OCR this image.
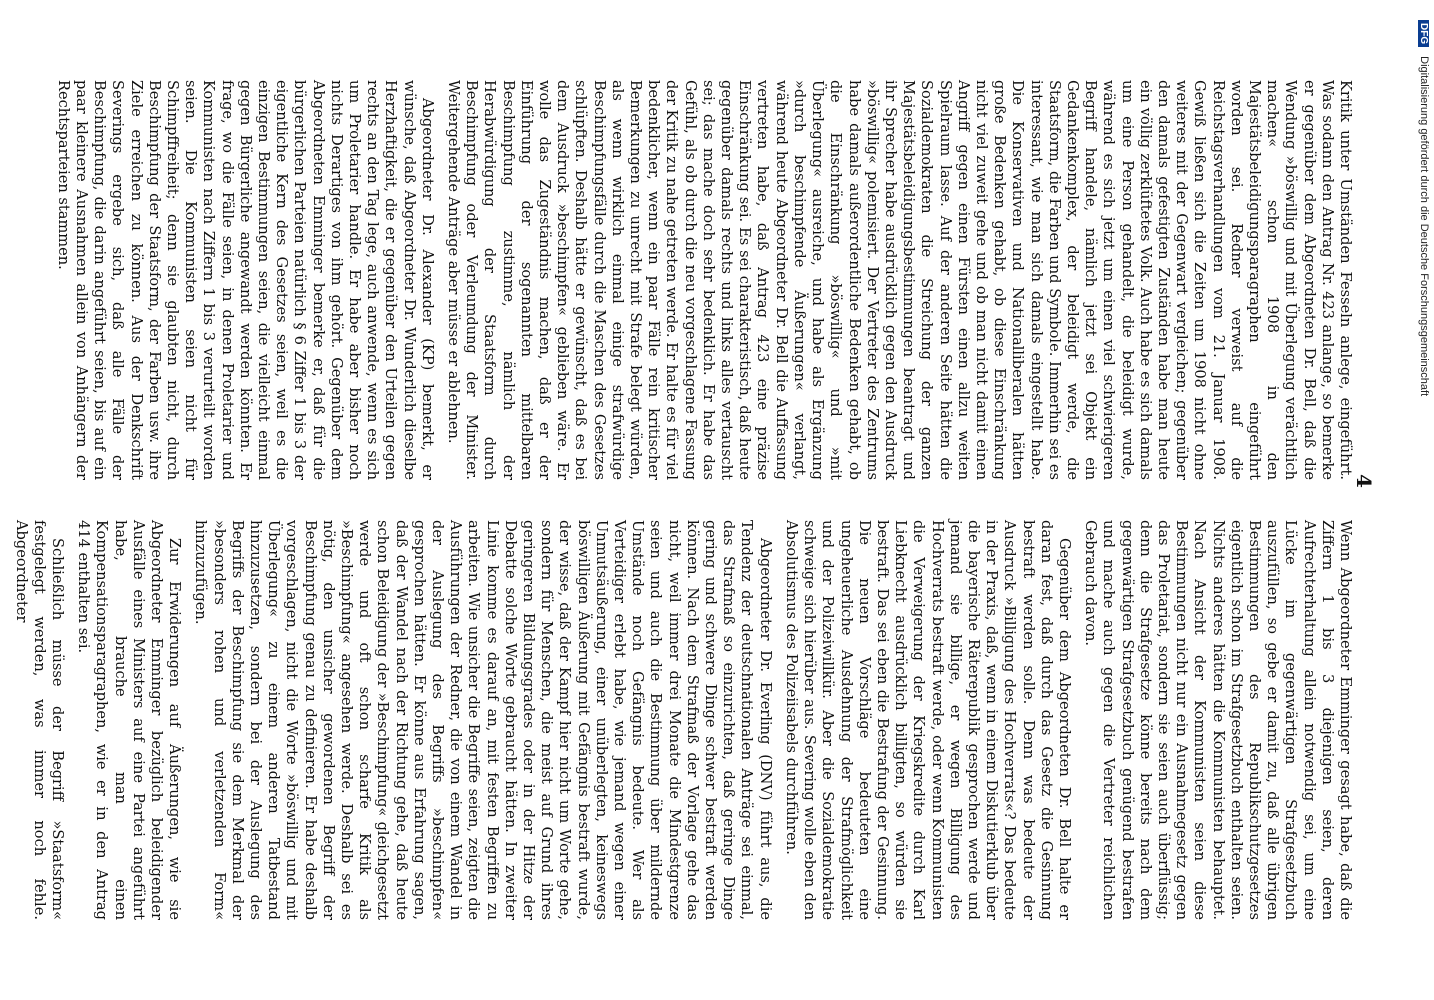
4

Kritik unter Umständen Fesseln anlege, eingeführt. Was sodann den Antrag Nr. 423 anlange, so bemerke er gegenüber dem Abgeordneten Dr. Bell, daß die Wendung »böswillig und mit Überlegung verächtlich machen« schon 1908 in den Majestätsbeleidigungsparagraphen eingeführt worden sei. Redner verweist auf die Reichstagsverhandlungen vom 21. Januar 1908. Gewiß ließen sich die Zeiten um 1908 nicht ohne weiteres mit der Gegenwart vergleichen; gegenüber den damals gefestigten Zuständen habe man heute ein völlig zerklüftetes Volk. Auch habe es sich damals um eine Person gehandelt, die beleidigt wurde, während es sich jetzt um einen viel schwierigeren Begriff handele, nämlich jetzt sei Objekt ein Gedankenkomplex, der beleidigt werde, die Staatsform, die Farben und Symbole. Immerhin sei es interessant, wie man sich damals eingestellt habe. Die Konservativen und Nationalliberalen hätten große Bedenken gehabt, ob diese Einschränkung nicht viel zuweit gehe und ob man nicht damit einen Angriff gegen einen Fürsten einen allzu weiten Spielraum lasse. Auf der anderen Seite hätten die Sozialdemokraten die Streichung der ganzen Majestätsbeleidigungsbestimmungen beantragt und ihr Sprecher habe ausdrücklich gegen den Ausdruck »böswillig« polemisiert. Der Vertreter des Zentrums habe damals außerordentliche Bedenken gehabt, ob die Einschränkung »böswillig« und »mit Überlegung« ausreiche, und habe als Ergänzung »durch beschimpfende Äußerungen« verlangt, während heute Abgeordneter Dr. Bell die Auffassung vertreten habe, daß Antrag 423 eine präzise Einschränkung sei. Es sei charakteristisch, daß heute gegenüber damals rechts und links alles vertauscht sei; das mache doch sehr bedenklich. Er habe das Gefühl, als ob durch die neu vorgeschlagene Fassung der Kritik zu nahe getreten werde. Er halte es für viel bedenklicher, wenn ein paar Fälle rein kritischer Bemerkungen zu unrecht mit Strafe belegt würden, als wenn wirklich einmal einige strafwürdige Beschimpfungsfälle durch die Maschen des Gesetzes schlüpften. Deshalb hätte er gewünscht, daß es bei dem Ausdruck »beschimpfen« geblieben wäre. Er wolle das Zugeständnis machen, daß er der Einführung der sogenannten mittelbaren Beschimpfung zustimme, nämlich der Herabwürdigung der Staatsform durch Beschimpfung oder Verleumdung der Minister. Weitergehende Anträge aber müsse er ablehnen.

Abgeordneter Dr. Alexander (KP) bemerkt, er wünsche, daß Abgeordneter Dr. Wunderlich dieselbe Herzhaftigkeit, die er gegenüber den Urteilen gegen rechts an den Tag lege, auch anwende, wenn es sich um Proletarier handle. Er habe aber bisher noch nichts Derartiges von ihm gehört. Gegenüber dem Abgeordneten Emminger bemerke er, daß für die bürgerlichen Parteien natürlich § 6 Ziffer 1 bis 3 der eigentliche Kern des Gesetzes seien, weil es die einzigen Bestimmungen seien, die vielleicht einmal gegen Bürgerliche angewandt werden könnten. Er frage, wo die Fälle seien, in denen Proletarier und Kommunisten nach Ziffern 1 bis 3 verurteilt worden seien. Die Kommunisten seien nicht für Schimpffreiheit; denn sie glaubten nicht, durch Beschimpfung der Staatsform, der Farben usw. ihre Ziele erreichen zu können. Aus der Denkschrift Severings ergebe sich, daß alle Fälle der Beschimpfung, die darin angeführt seien, bis auf ein paar kleinere Ausnahmen allein von Anhängern der Rechtsparteien stammen.

Wenn Abgeordneter Emminger gesagt habe, daß die Ziffern 1 bis 3 diejenigen seien, deren Aufrechterhaltung allein notwendig sei, um eine Lücke im gegenwärtigen Strafgesetzbuch auszufüllen, so gebe er damit zu, daß alle übrigen Bestimmungen des Republikschutzgesetzes eigentlich schon im Strafgesetzbuch enthalten seien. Nichts anderes hätten die Kommunisten behauptet. Nach Ansicht der Kommunisten seien diese Bestimmungen nicht nur ein Ausnahmegesetz gegen das Proletariat, sondern sie seien auch überflüssig; denn die Strafgesetze könne bereits nach dem gegenwärtigen Strafgesetzbuch genügend bestrafen und mache auch gegen die Vertreter reichlichen Gebrauch davon.

Gegenüber dem Abgeordneten Dr. Bell halte er daran fest, daß durch das Gesetz die Gesinnung bestraft werden solle. Denn was bedeute der Ausdruck »Billigung des Hochverrats«? Das bedeute in der Praxis, daß, wenn in einem Diskutierklub über die bayerische Räterepublik gesprochen werde und jemand sie billige, er wegen Billigung des Hochverrats bestraft werde, oder wenn Kommunisten die Verweigerung der Kriegskredite durch Karl Liebknecht ausdrücklich billigten, so würden sie bestraft. Das sei eben die Bestrafung der Gesinnung. Die neuen Vorschläge bedeuteten eine ungeheuerliche Ausdehnung der Strafmöglichkeit und der Polizeiwillkür. Aber die Sozialdemokratie schweige sich hierüber aus. Severing wolle eben den Absolutismus des Polizeiisabels durchführen.

Abgeordneter Dr. Everling (DNV) führt aus, die Tendenz der deutschnationalen Anträge sei einmal, das Strafmaß so einzurichten, daß geringe Dinge gering und schwere Dinge schwer bestraft werden können. Nach dem Strafmaß der Vorlage gehe das nicht, weil immer drei Monate die Mindestgrenze seien und auch die Bestimmung über mildernde Umstände noch Gefängnis bedeute. Wer als Verteidiger erlebt habe, wie jemand wegen einer Unmutsäußerung, einer unüberlegten, keineswegs böswilligen Äußerung mit Gefängnis bestraft wurde, der wisse, daß der Kampf hier nicht um Worte gehe, sondern für Menschen, die meist auf Grund ihres geringeren Bildungsgrades oder in der Hitze der Debatte solche Worte gebraucht hätten. In zweiter Linie komme es darauf an, mit festen Begriffen zu arbeiten. Wie unsicher die Begriffe seien, zeigten die Ausführungen der Redner, die von einem Wandel in der Auslegung des Begriffs »beschimpfen« gesprochen hätten. Er könne aus Erfahrung sagen, daß der Wandel nach der Richtung gehe, daß heute schon Beleidigung der »Beschimpfung« gleichgesetzt werde und oft schon scharfe Kritik als »Beschimpfung« angesehen werde. Deshalb sei es nötig, den unsicher gewordenen Begriff der Beschimpfung genau zu definieren. Er habe deshalb vorgeschlagen, nicht die Worte »böswillig und mit Überlegung« zu einem anderen Tatbestand hinzuzusetzen, sondern bei der Auslegung des Begriffs der Beschimpfung sie dem Merkmal der »besonders rohen und verletzenden Form« hinzuzufügen.

Zur Erwiderungen auf Äußerungen, wie sie Abgeordneter Emminger bezüglich beleidigender Ausfälle eines Ministers auf eine Partei angeführt habe, brauche man einen Kompensationsparagraphen, wie er in den Antrag 414 enthalten sei.

Schließlich müsse der Begriff »Staatsform« festgelegt werden, was immer noch fehle. Abgeordneter

DFG Digitalisierung gefördert durch die Deutsche Forschungsgemeinschaft
